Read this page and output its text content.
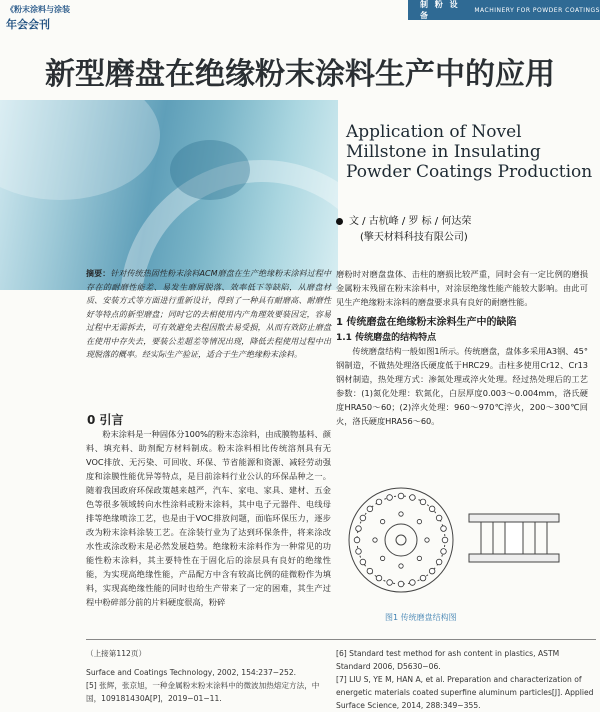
《粉末涂料与涂装
年会会刊
制 粉 设 备
MACHINERY FOR POWDER COATINGS
新型磨盘在绝缘粉末涂料生产中的应用
Application of Novel Millstone in Insulating Powder Coatings Production
文 / 古杭峰 / 罗 标 / 何达荣
(擎天材料科技有限公司)
摘要：针对传统热固性粉末涂料ACM磨盘在生产绝缘粉末涂料过程中存在的耐磨性能差、易发生磨屑脱落、效率低下等缺陷，从磨盘材质、安装方式等方面进行重新设计，得到了一种具有耐磨高、耐磨性好等特点的新型磨盘；同时它的去相使用内产角理效要装因定，容易过程中无需拆去，可有效避免去程因散去易受损，从而有效防止磨盘在使用中存失去，要装公差超差等情况出现，降低去程使用过程中出现脱落的概率。经实际生产验证，适合于生产绝缘粉末涂料。
0 引言

粉末涂料是一种固体分100%的粉末态涂料，由成膜物基料、颜料、填充料、助剂配方材料制成。粉末涂料相比传统溶剂具有无VOC排放、无污染、可回收、环保、节省能源和资源、减轻劳动强度和涂膜性能优异等特点，是目前涂料行业公认的环保品种之一。随着我国政府环保政策越来越严，汽车、家电、家具、建材、五金色等很多领域转向水性涂料或粉末涂料，其中电子元器件、电线母排等绝缘喷涂工艺，也是由于VOC排放问题，面临环保压力，逐步改为粉末涂料涂装工艺。在涂装行业为了达到环保条件，将来涂改水性或涂改粉末是必然发展趋势。绝缘粉末涂料作为一种常见的功能性粉末涂料，其主要特性在于固化后的涂层具有良好的绝缘性能，为实现高绝缘性能，产品配方中含有较高比例的硅微粉作为填料，实现高绝缘性能的同时也给生产带来了一定的困难，其生产过程中粉碎部分前的片料硬度很高，粉碎

磨粉时对磨盘盘体、击柱的磨损比较严重，同时会有一定比例的磨损金属粉末残留在粉末涂料中，对涂层绝缘性能产能较大影响。由此可见生产绝缘粉末涂料的磨盘要求具有良好的耐磨性能。
1 传统磨盘在绝缘粉末涂料生产中的缺陷
1.1 传统磨盘的结构特点

传统磨盘结构一般如图1所示。传统磨盘，盘体多采用A3钢、45°钢制造，不做热处理洛氏硬度低于HRC29。击柱多使用Cr12、Cr13钢材制造，热处理方式：渗氮处理或淬火处理。经过热处理后的工艺参数：(1)氮化处理：软氮化，白层厚度0.003～0.004mm，洛氏硬度HRA50～60；(2)淬火处理：960～970℃淬火，200～300℃回火，洛氏硬度HRA56～60。

图1 传统磨盘结构图

（上接第112页）

Surface and Coatings Technology, 2002, 154:237−252.

[5] 张辉，张京旭，一种金属粉末粉末涂料中的微波加热熔定方法，中国，109181430A[P]，2019−01−11.

[6] Standard test method for ash content in plastics, ASTM Standard 2006, D5630−06.

[7] LIU S, YE M, HAN A, et al. Preparation and characterization of energetic materials coated superfine aluminum particles[J]. Applied Surface Science, 2014, 288:349−355.
